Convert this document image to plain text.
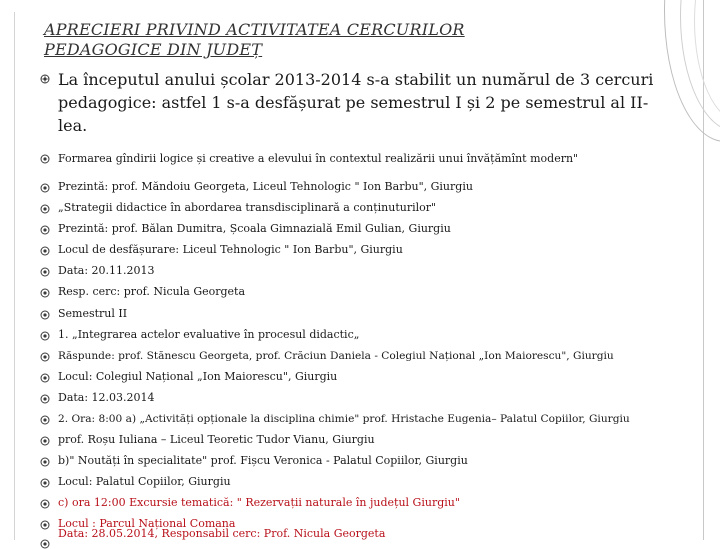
APRECIERI PRIVIND ACTIVITATEA CERCURILOR
PEDAGOGICE DIN JUDEȚ
La începutul anului școlar 2013-2014 s-a stabilit un numărul de 3 cercuri pedagogice: astfel 1 s-a desfășurat pe semestrul I și 2 pe semestrul al II-lea.
Formarea gîndirii logice și creative a elevului în contextul realizării unui învățămînt modern"
Prezintă: prof. Măndoiu Georgeta, Liceul Tehnologic " Ion Barbu", Giurgiu
„Strategii didactice în abordarea transdisciplinară a conținuturilor"
Prezintă: prof. Bălan Dumitra, Școala Gimnazială Emil Gulian, Giurgiu
Locul de desfășurare: Liceul Tehnologic " Ion Barbu", Giurgiu
Data: 20.11.2013
Resp. cerc: prof. Nicula Georgeta
Semestrul II
1. „Integrarea actelor evaluative în procesul didactic„
Răspunde: prof. Stănescu Georgeta, prof. Crăciun Daniela - Colegiul Național „Ion Maiorescu", Giurgiu
Locul: Colegiul Național „Ion Maiorescu", Giurgiu
Data: 12.03.2014
2. Ora: 8:00 a) „Activități opționale la disciplina chimie" prof. Hristache Eugenia– Palatul Copiilor, Giurgiu
prof. Roșu Iuliana – Liceul Teoretic Tudor Vianu, Giurgiu
b)" Noutăți în specialitate" prof. Fișcu Veronica - Palatul Copiilor, Giurgiu
Locul: Palatul Copiilor, Giurgiu
c) ora 12:00 Excursie tematică: " Rezervații naturale în județul Giurgiu"
Locul : Parcul Național Comana
Data: 28.05.2014, Responsabil cerc: Prof. Nicula Georgeta
